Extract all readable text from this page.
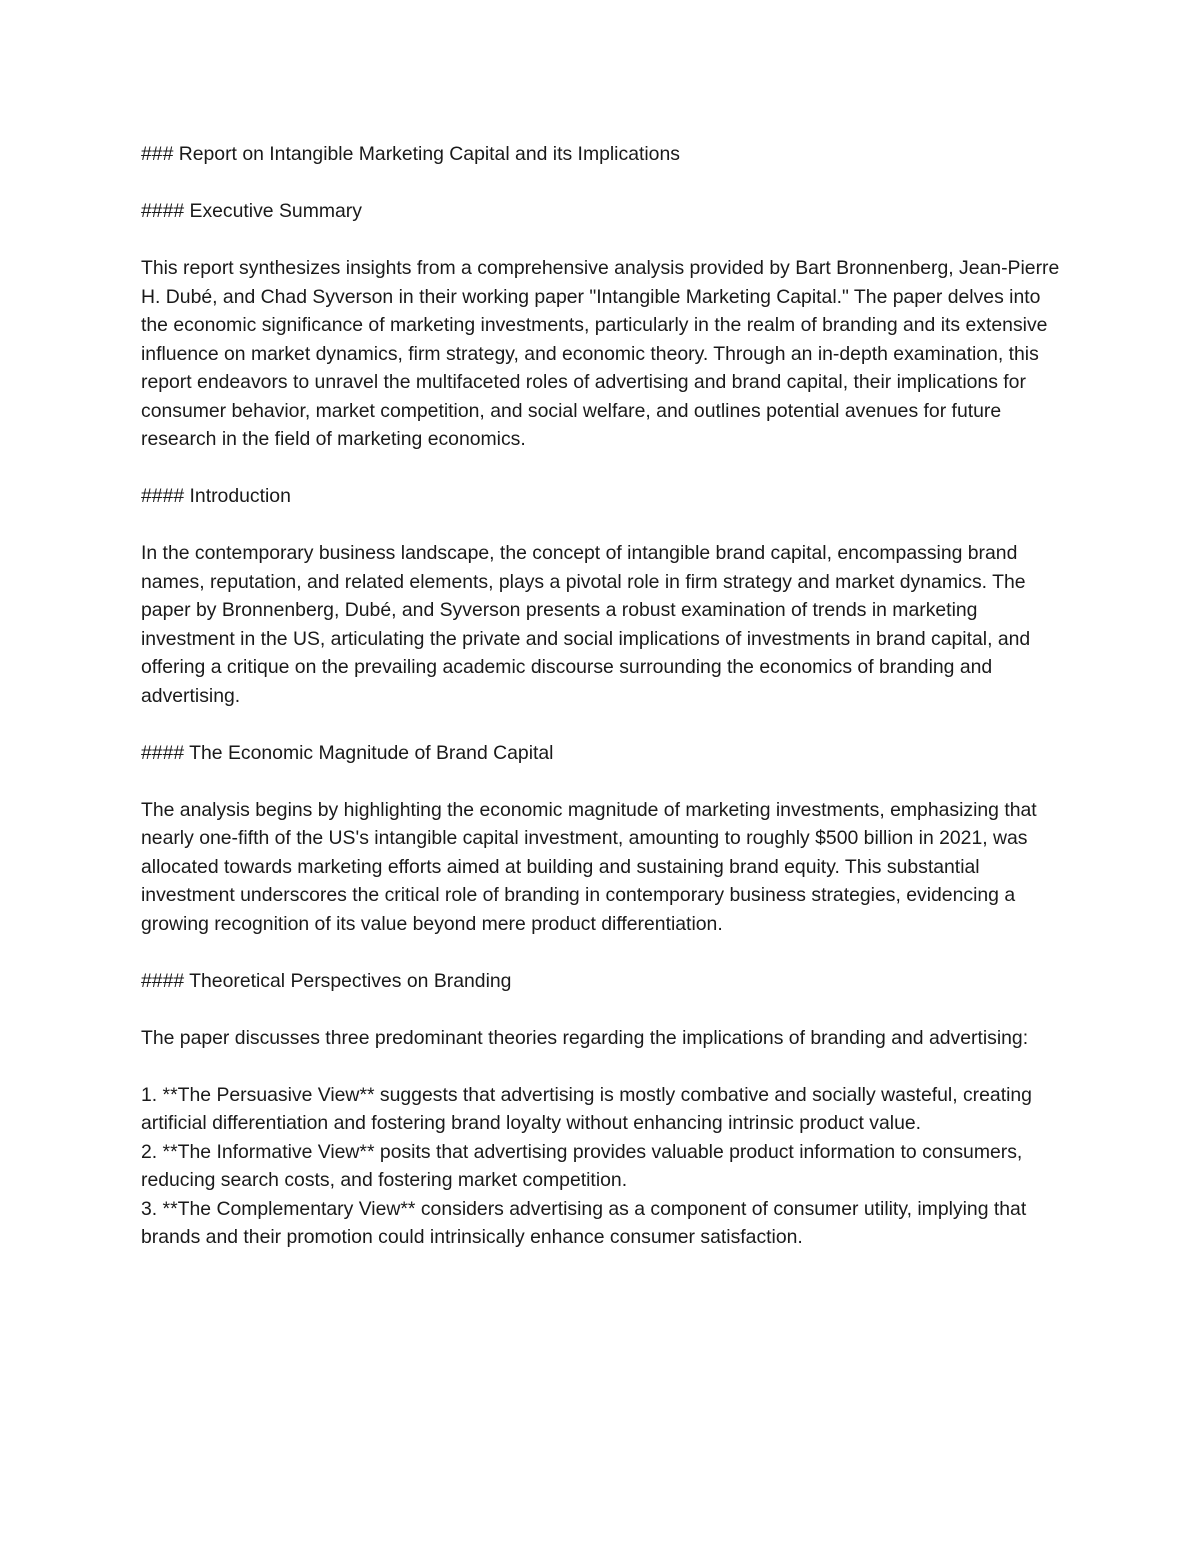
### Report on Intangible Marketing Capital and its Implications

#### Executive Summary

This report synthesizes insights from a comprehensive analysis provided by Bart Bronnenberg, Jean-Pierre H. Dubé, and Chad Syverson in their working paper "Intangible Marketing Capital." The paper delves into the economic significance of marketing investments, particularly in the realm of branding and its extensive influence on market dynamics, firm strategy, and economic theory. Through an in-depth examination, this report endeavors to unravel the multifaceted roles of advertising and brand capital, their implications for consumer behavior, market competition, and social welfare, and outlines potential avenues for future research in the field of marketing economics.

#### Introduction

In the contemporary business landscape, the concept of intangible brand capital, encompassing brand names, reputation, and related elements, plays a pivotal role in firm strategy and market dynamics. The paper by Bronnenberg, Dubé, and Syverson presents a robust examination of trends in marketing investment in the US, articulating the private and social implications of investments in brand capital, and offering a critique on the prevailing academic discourse surrounding the economics of branding and advertising.

#### The Economic Magnitude of Brand Capital

The analysis begins by highlighting the economic magnitude of marketing investments, emphasizing that nearly one-fifth of the US's intangible capital investment, amounting to roughly $500 billion in 2021, was allocated towards marketing efforts aimed at building and sustaining brand equity. This substantial investment underscores the critical role of branding in contemporary business strategies, evidencing a growing recognition of its value beyond mere product differentiation.

#### Theoretical Perspectives on Branding

The paper discusses three predominant theories regarding the implications of branding and advertising:

1. **The Persuasive View** suggests that advertising is mostly combative and socially wasteful, creating artificial differentiation and fostering brand loyalty without enhancing intrinsic product value.

2. **The Informative View** posits that advertising provides valuable product information to consumers, reducing search costs, and fostering market competition.

3. **The Complementary View** considers advertising as a component of consumer utility, implying that brands and their promotion could intrinsically enhance consumer satisfaction.
